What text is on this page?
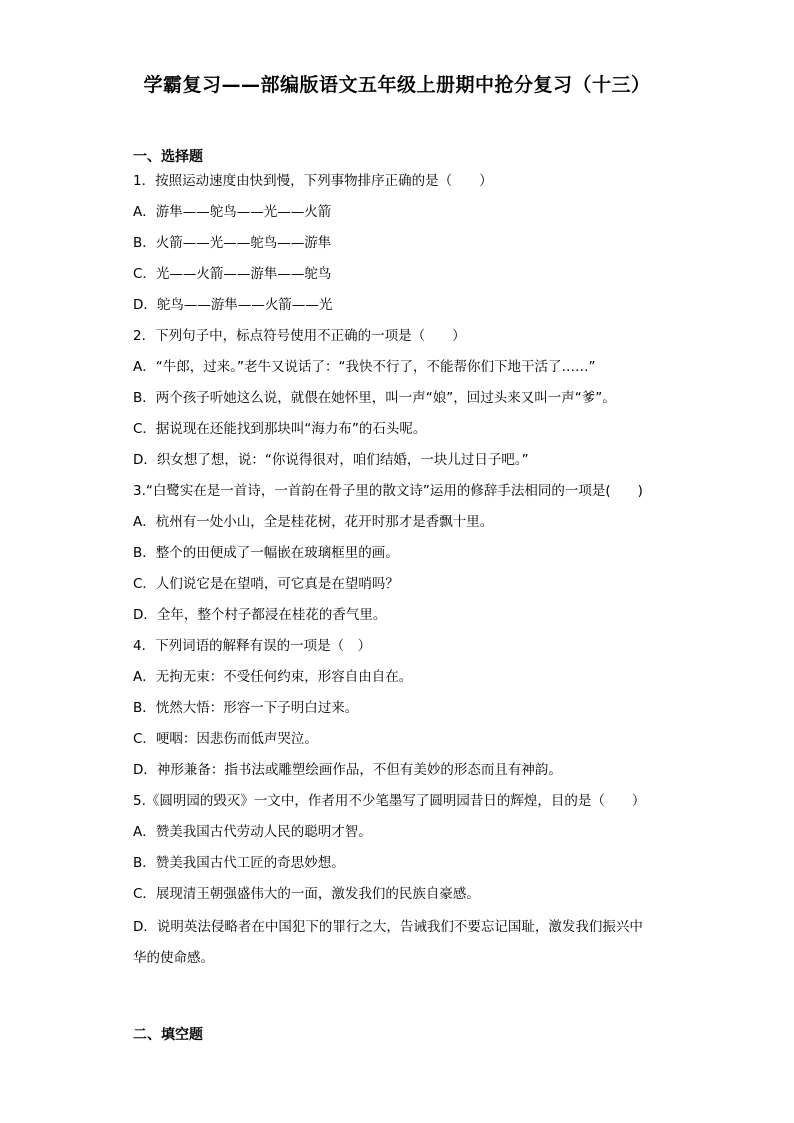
学霸复习——部编版语文五年级上册期中抢分复习（十三）
一、选择题
1．按照运动速度由快到慢，下列事物排序正确的是（　　）
A．游隼——鸵鸟——光——火箭
B．火箭——光——鸵鸟——游隼
C．光——火箭——游隼——鸵鸟
D．鸵鸟——游隼——火箭——光
2．下列句子中，标点符号使用不正确的一项是（　　）
A．“牛郎，过来。”老牛又说话了：“我快不行了，不能帮你们下地干活了……”
B．两个孩子听她这么说，就偎在她怀里，叫一声“娘”，回过头来又叫一声“爹”。
C．据说现在还能找到那块叫“海力布”的石头呢。
D．织女想了想，说：“你说得很对，咱们结婚，一块儿过日子吧。”
3.“白鹭实在是一首诗，一首韵在骨子里的散文诗”运用的修辞手法相同的一项是(　　)
A．杭州有一处小山，全是桂花树，花开时那才是香飘十里。
B．整个的田便成了一幅嵌在玻璃框里的画。
C．人们说它是在望哨，可它真是在望哨吗？
D．全年，整个村子都浸在桂花的香气里。
4．下列词语的解释有误的一项是（　）
A．无拘无束：不受任何约束，形容自由自在。
B．恍然大悟：形容一下子明白过来。
C．哽咽：因悲伤而低声哭泣。
D．神形兼备：指书法或雕塑绘画作品，不但有美妙的形态而且有神韵。
5.《圆明园的毁灭》一文中，作者用不少笔墨写了圆明园昔日的辉煌，目的是（　　）
A．赞美我国古代劳动人民的聪明才智。
B．赞美我国古代工匠的奇思妙想。
C．展现清王朝强盛伟大的一面，激发我们的民族自豪感。
D．说明英法侵略者在中国犯下的罪行之大，告诫我们不要忘记国耻，激发我们振兴中
华的使命感。
二、填空题
